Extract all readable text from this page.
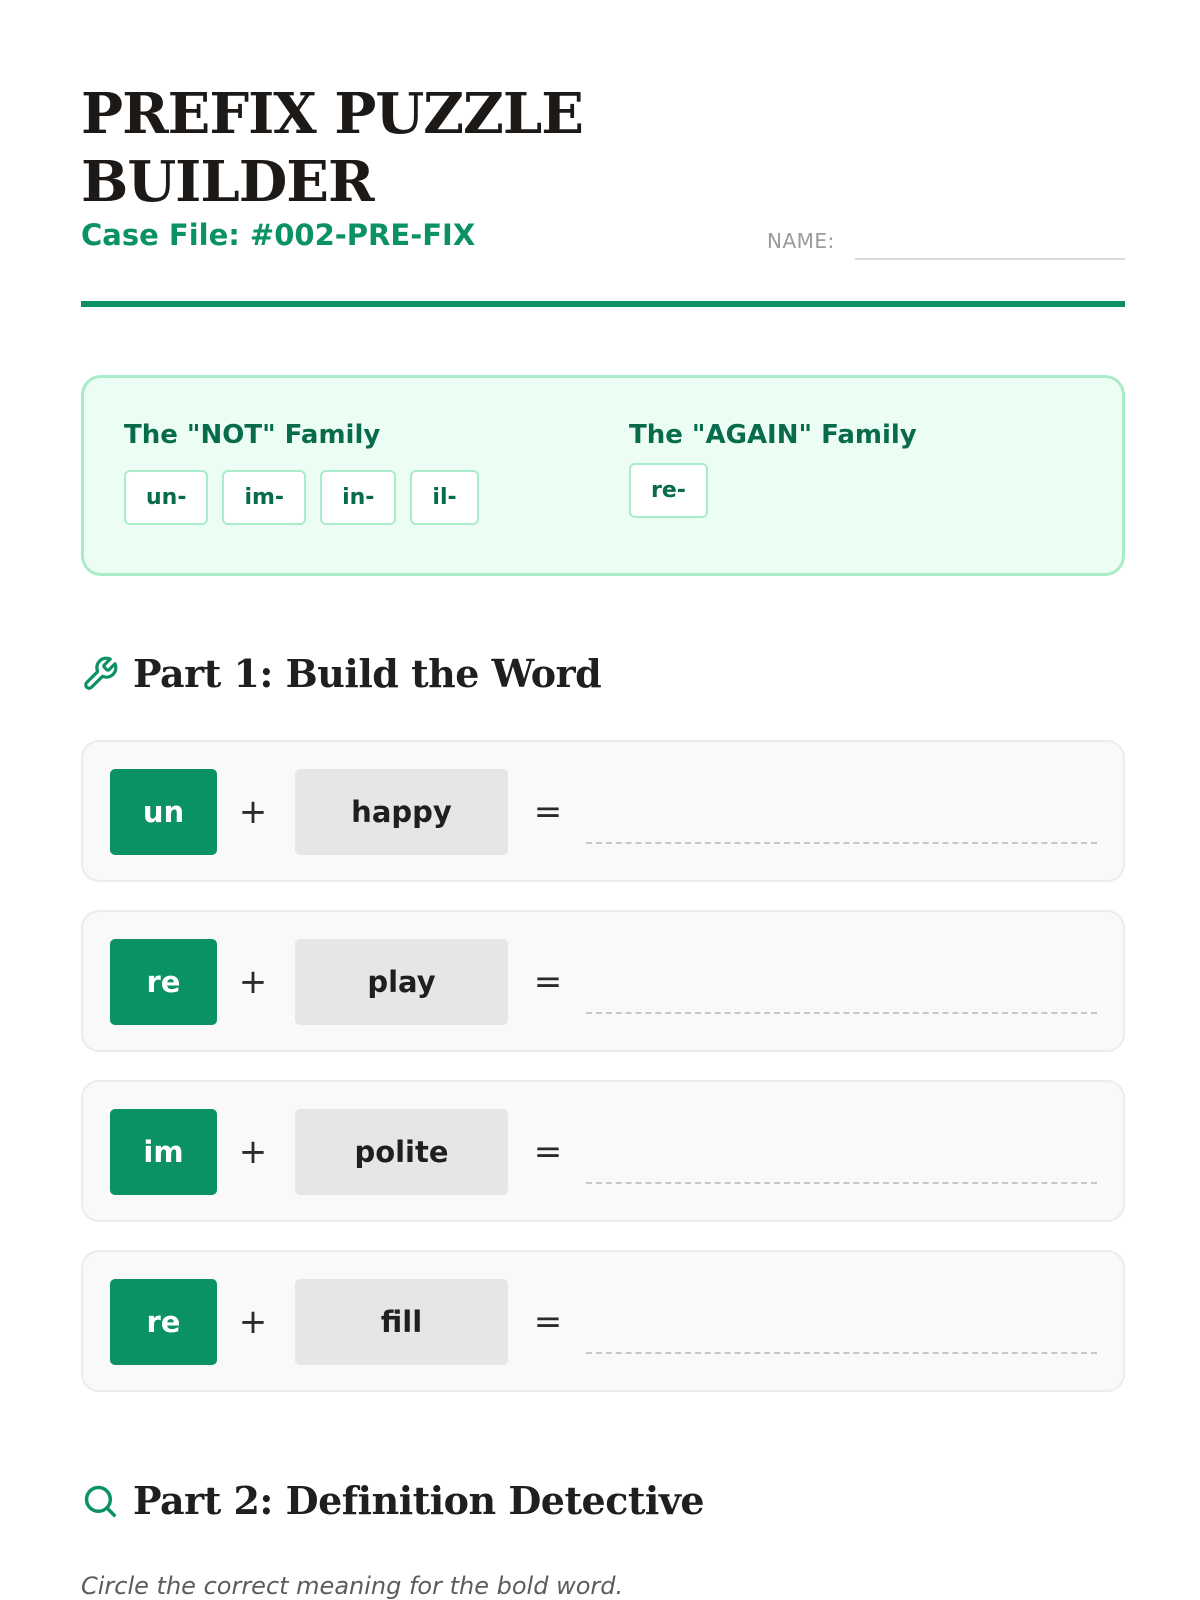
PREFIX PUZZLE BUILDER
Case File: #002-PRE-FIX	NAME:
The "NOT" Family
un-	im-	in-	il-
The "AGAIN" Family
re-
Part 1: Build the Word
un	+	happy	=
re	+	play	=
im	+	polite	=
re	+	fill	=
Part 2: Definition Detective
Circle the correct meaning for the bold word.
